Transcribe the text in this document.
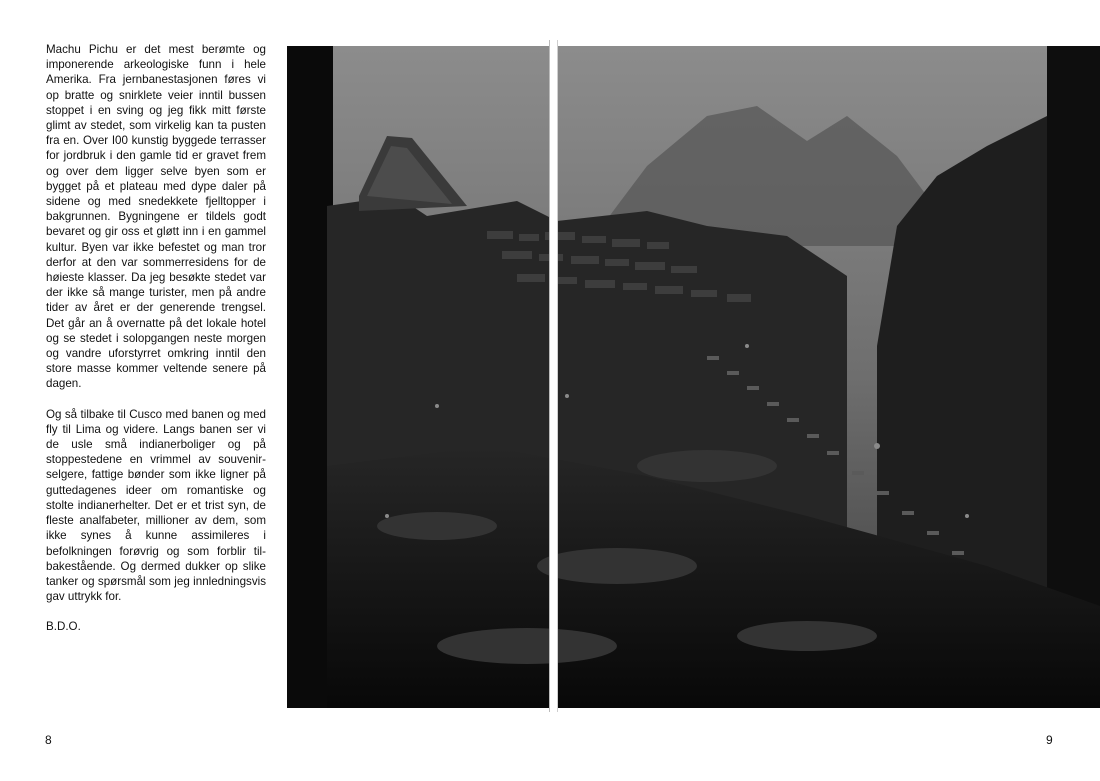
Machu Pichu er det mest berømte og imponerende arkeologiske funn i hele Amerika. Fra jernbanestasjonen føres vi op bratte og snirklete veier inntil bussen stoppet i en sving og jeg fikk mitt første glimt av stedet, som virkelig kan ta pusten fra en. Over I00 kunstig byggede terrasser for jordbruk i den gamle tid er gravet frem og over dem ligger selve byen som er bygget på et plateau med dype daler på sidene og med snedekkete fjelltopper i bakgrunnen. Bygningene er tildels godt bevaret og gir oss et gløtt inn i en gammel kultur. Byen var ikke befestet og man tror derfor at den var sommerresidens for de høieste klasser. Da jeg besøkte stedet var der ikke så mange turister, men på andre tider av året er der generende trengsel. Det går an å overnatte på det lokale hotel og se stedet i solopgangen neste morgen og vandre uforstyrret omkring inntil den store masse kommer veltende senere på dagen.

Og så tilbake til Cusco med banen og med fly til Lima og videre. Langs banen ser vi de usle små indianerboliger og på stoppestedene en vrimmel av souvenirselgere, fattige bønder som ikke ligner på guttedagenes ideer om romantiske og stolte indianerhelter. Det er et trist syn, de fleste analfabeter, millioner av dem, som ikke synes å kunne assimileres i befolkningen forøvrig og som forblir tilbakestående. Og dermed dukker op slike tanker og spørsmål som jeg innledningsvis gav uttrykk for.

B.D.O.

8	9
